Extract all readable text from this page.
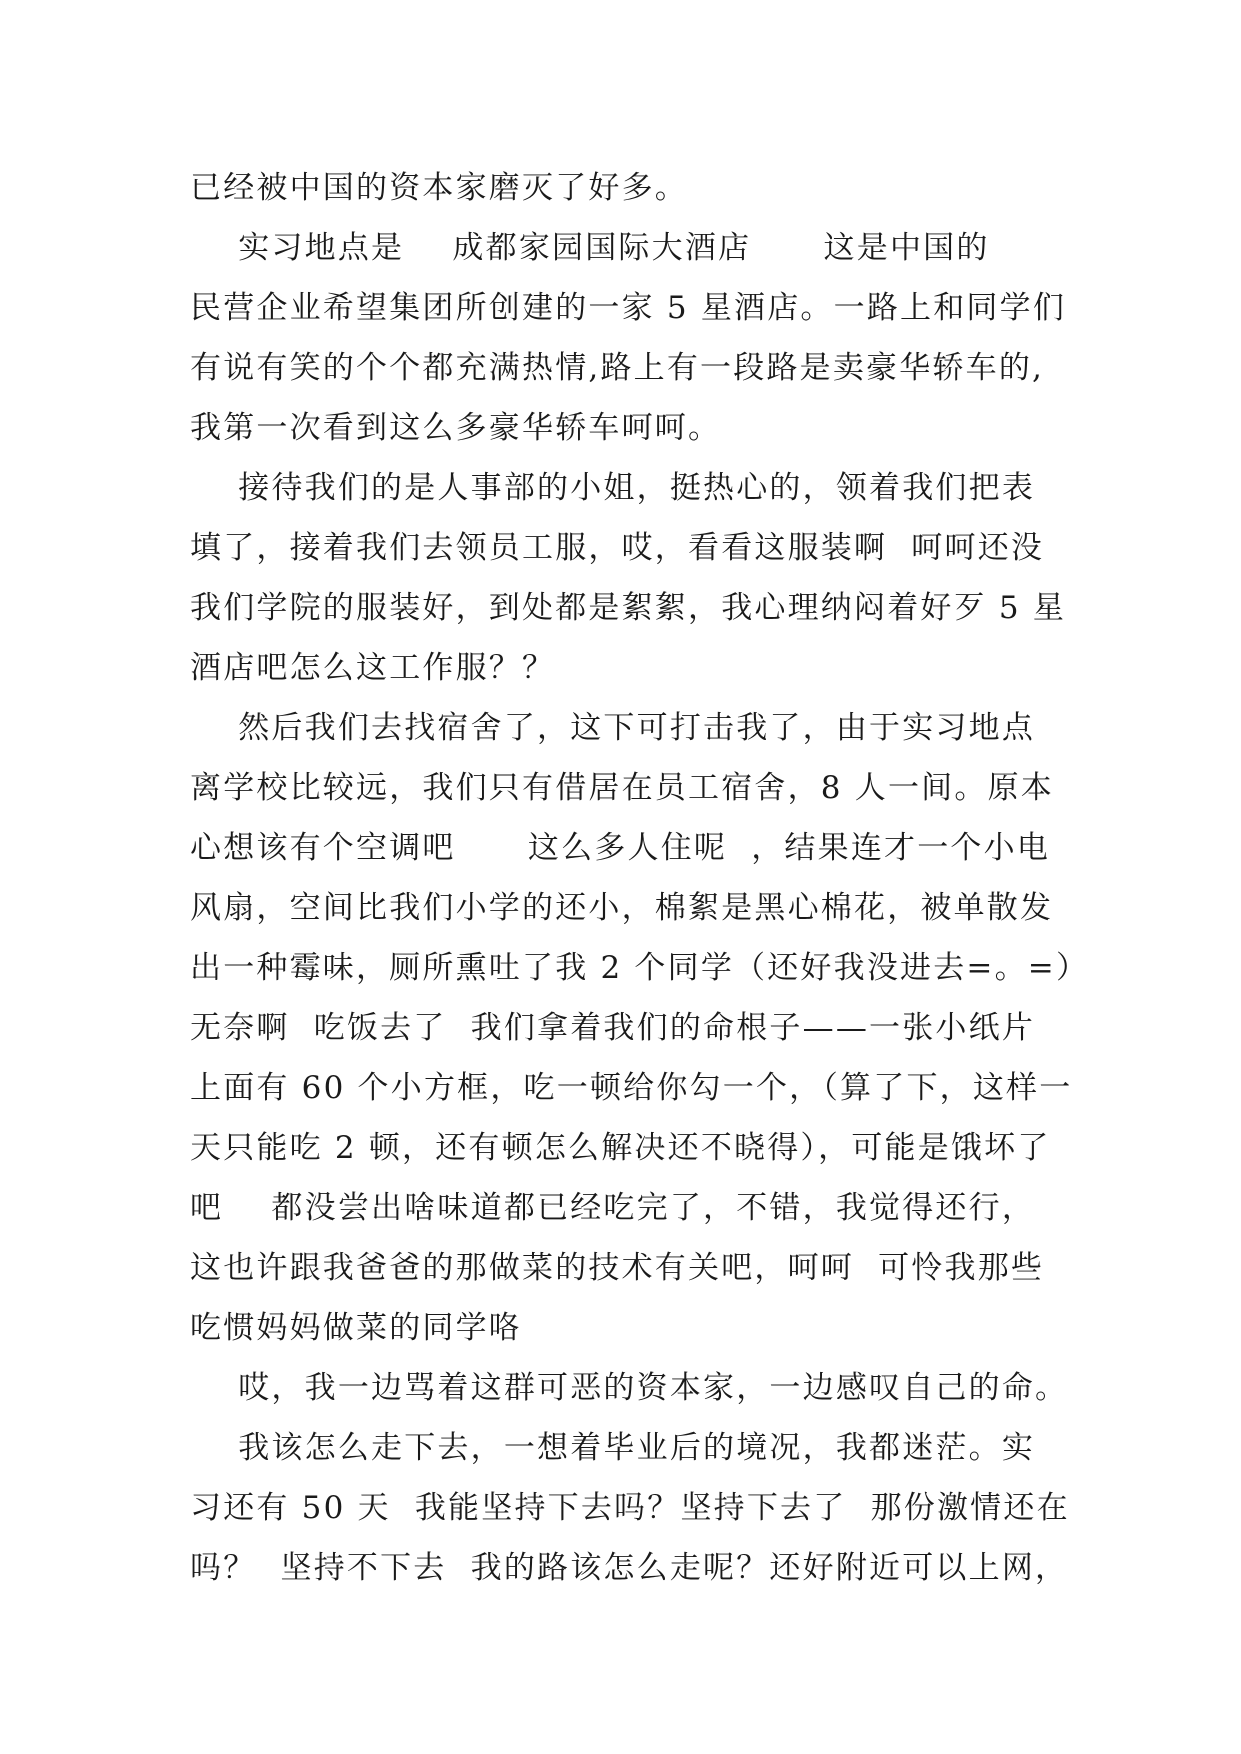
已经被中国的资本家磨灭了好多。
实习地点是    成都家园国际大酒店      这是中国的
民营企业希望集团所创建的一家 5 星酒店。一路上和同学们
有说有笑的个个都充满热情,路上有一段路是卖豪华轿车的,
我第一次看到这么多豪华轿车呵呵。
接待我们的是人事部的小姐，挺热心的，领着我们把表
填了，接着我们去领员工服，哎，看看这服装啊  呵呵还没
我们学院的服装好，到处都是絮絮，我心理纳闷着好歹 5 星
酒店吧怎么这工作服？？
然后我们去找宿舍了，这下可打击我了，由于实习地点
离学校比较远，我们只有借居在员工宿舍，8 人一间。原本
心想该有个空调吧      这么多人住呢  ，结果连才一个小电
风扇，空间比我们小学的还小，棉絮是黑心棉花，被单散发
出一种霉味，厕所熏吐了我 2 个同学（还好我没进去=。=）
无奈啊  吃饭去了  我们拿着我们的命根子——一张小纸片
上面有 60 个小方框，吃一顿给你勾一个，（算了下，这样一
天只能吃 2 顿，还有顿怎么解决还不晓得），可能是饿坏了
吧    都没尝出啥味道都已经吃完了，不错，我觉得还行，
这也许跟我爸爸的那做菜的技术有关吧，呵呵  可怜我那些
吃惯妈妈做菜的同学咯
哎，我一边骂着这群可恶的资本家，一边感叹自己的命。
我该怎么走下去，一想着毕业后的境况，我都迷茫。实
习还有 50 天  我能坚持下去吗？坚持下去了  那份激情还在
吗？  坚持不下去  我的路该怎么走呢？还好附近可以上网，
